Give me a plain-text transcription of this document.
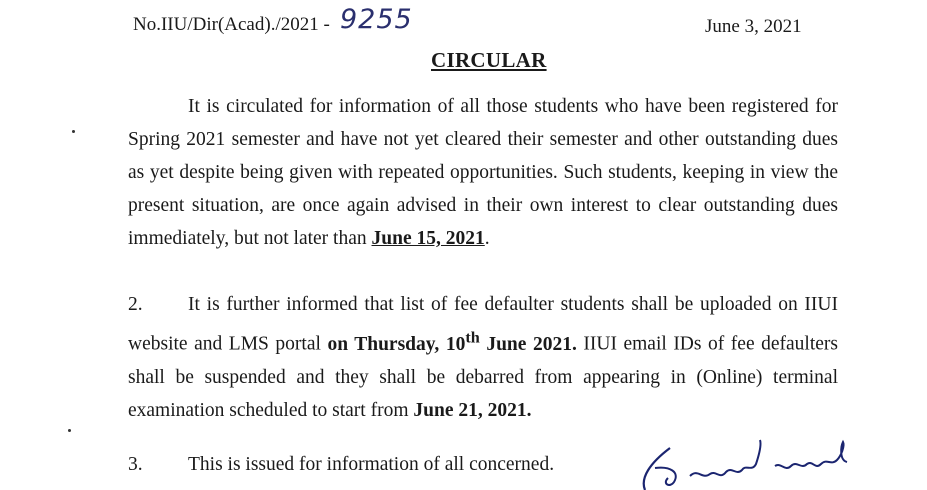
No.IIU/Dir(Acad)./2021 - 9255	June 3, 2021
CIRCULAR
It is circulated for information of all those students who have been registered for Spring 2021 semester and have not yet cleared their semester and other outstanding dues as yet despite being given with repeated opportunities. Such students, keeping in view the present situation, are once again advised in their own interest to clear outstanding dues immediately, but not later than June 15, 2021.
2. It is further informed that list of fee defaulter students shall be uploaded on IIUI website and LMS portal on Thursday, 10th June 2021. IIUI email IDs of fee defaulters shall be suspended and they shall be debarred from appearing in (Online) terminal examination scheduled to start from June 21, 2021.
3. This is issued for information of all concerned.
